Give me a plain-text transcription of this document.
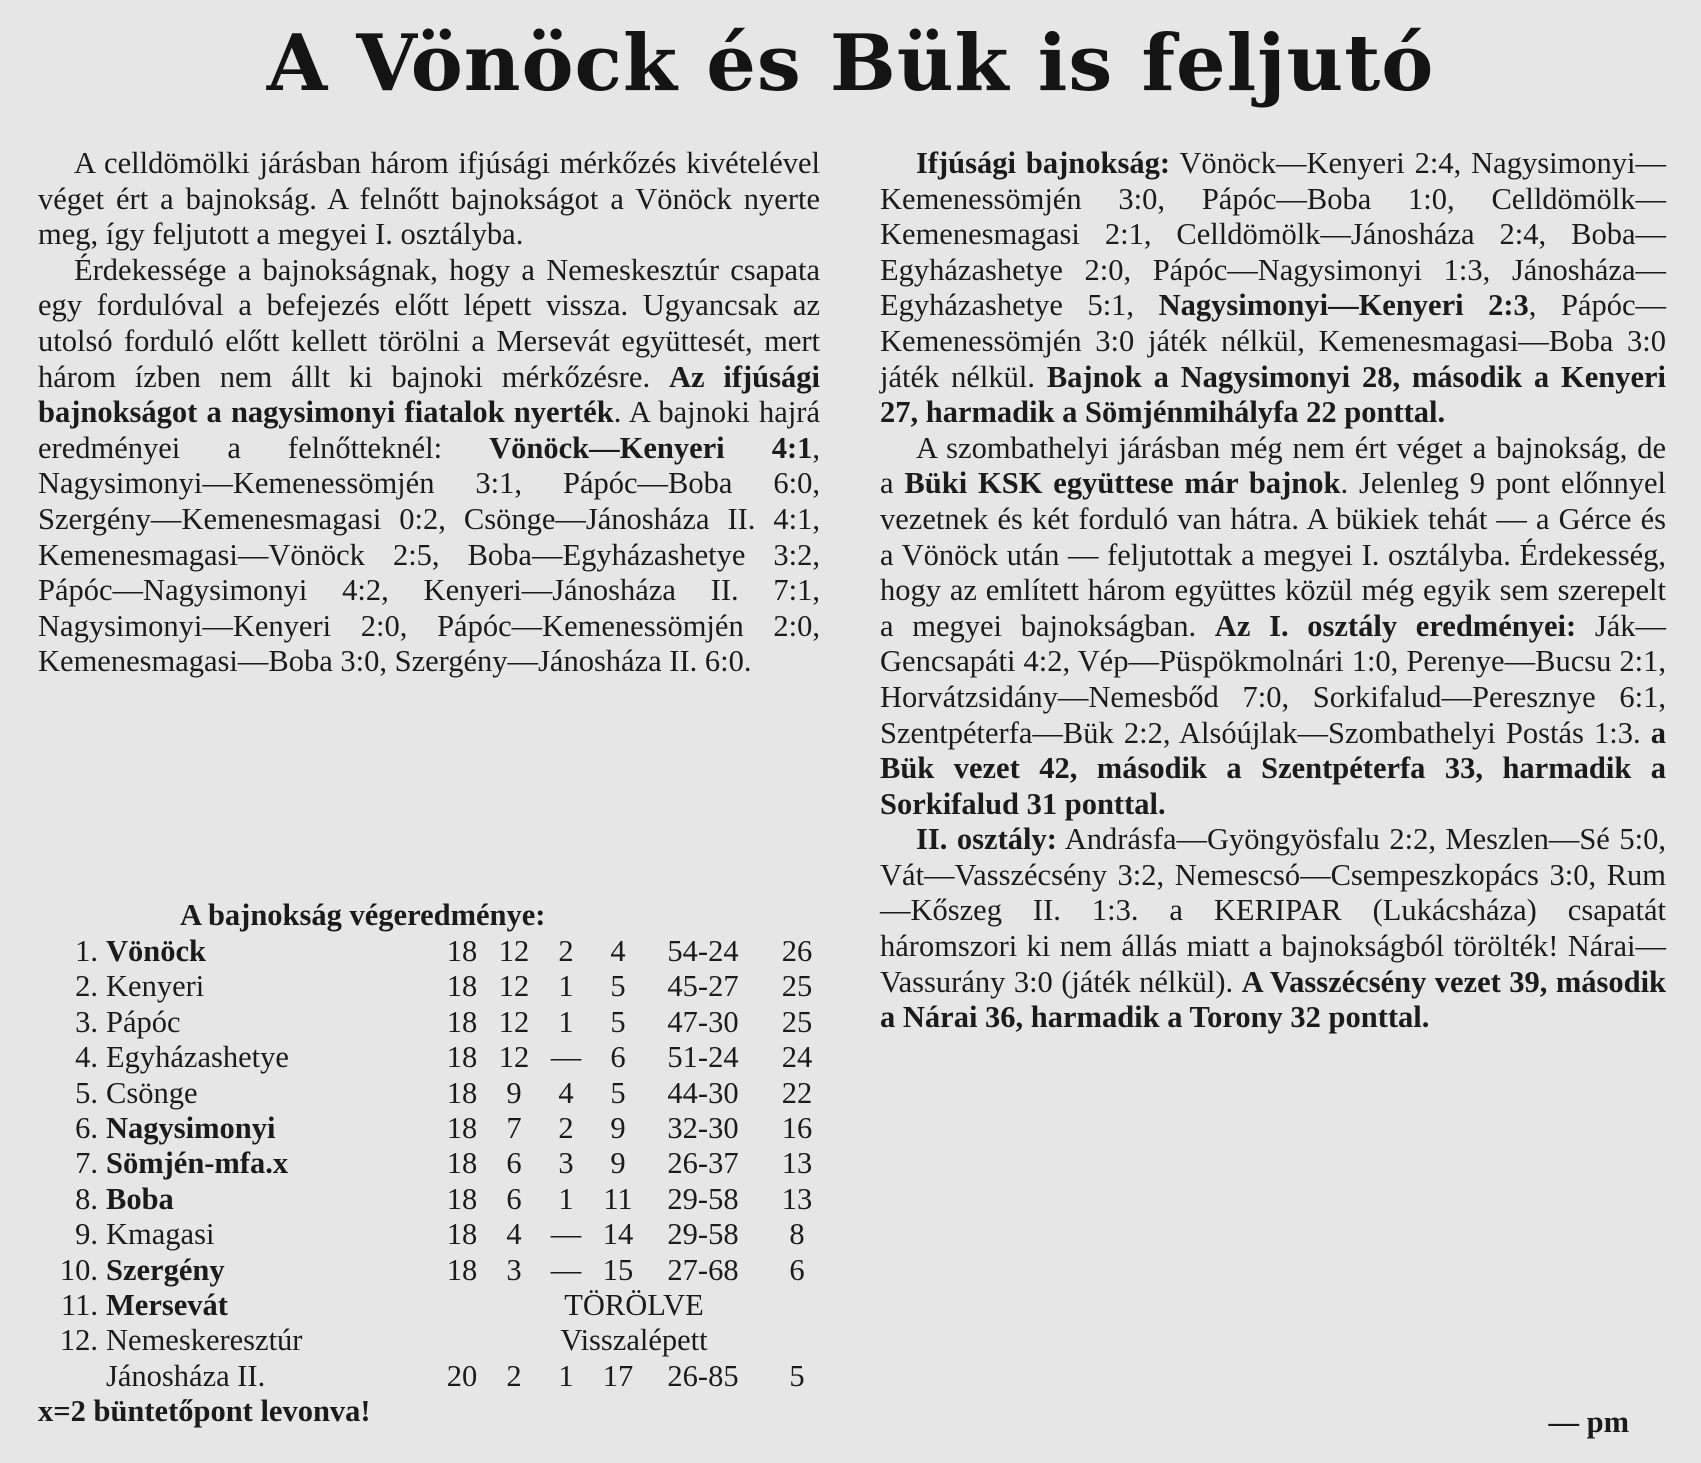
A Vönöck és Bük is feljutó

A celldömölki járásban három ifjúsági mérkőzés kivételével véget ért a bajnokság. A felnőtt bajnokságot a Vönöck nyerte meg, így feljutott a megyei I. osztályba.

Érdekessége a bajnokságnak, hogy a Nemeskesztúr csapata egy fordulóval a befejezés előtt lépett vissza. Ugyancsak az utolsó forduló előtt kellett törölni a Mersevát együttesét, mert három ízben nem állt ki bajnoki mérkőzésre. Az ifjúsági bajnokságot a nagysimonyi fiatalok nyerték. A bajnoki hajrá eredményei a felnőtteknél: Vönöck—Kenyeri 4:1, Nagysimonyi—Kemenessömjén 3:1, Pápóc—Boba 6:0, Szergény—Kemenesmagasi 0:2, Csönge—Jánosháza II. 4:1, Kemenesmagasi—Vönöck 2:5, Boba—Egyházashetye 3:2, Pápóc—Nagysimonyi 4:2, Kenyeri—Jánosháza II. 7:1, Nagysimonyi—Kenyeri 2:0, Pápóc—Kemenessömjén 2:0, Kemenesmagasi—Boba 3:0, Szergény—Jánosháza II. 6:0.

A bajnokság végeredménye:
1.	Vönöck	18	12	2	4	54-24	26
2.	Kenyeri	18	12	1	5	45-27	25
3.	Pápóc	18	12	1	5	47-30	25
4.	Egyházashetye	18	12	—	6	51-24	24
5.	Csönge	18	9	4	5	44-30	22
6.	Nagysimonyi	18	7	2	9	32-30	16
7.	Sömjén-mfa.x	18	6	3	9	26-37	13
8.	Boba	18	6	1	11	29-58	13
9.	Kmagasi	18	4	—	14	29-58	8
10.	Szergény	18	3	—	15	27-68	6
11.	Mersevát	TÖRÖLVE					
12.	Nemeskeresztúr	Visszalépett					
	Jánosháza II.	20	2	1	17	26-85	5
x=2 büntetőpont levonva!

Ifjúsági bajnokság: Vönöck—Kenyeri 2:4, Nagysimonyi—Kemenessömjén 3:0, Pápóc—Boba 1:0, Celldömölk—Kemenesmagasi 2:1, Celldömölk—Jánosháza 2:4, Boba—Egyházashetye 2:0, Pápóc—Nagysimonyi 1:3, Jánosháza—Egyházashetye 5:1, Nagysimonyi—Kenyeri 2:3, Pápóc—Kemenessömjén 3:0 játék nélkül, Kemenesmagasi—Boba 3:0 játék nélkül. Bajnok a Nagysimonyi 28, második a Kenyeri 27, harmadik a Sömjénmihályfa 22 ponttal.

A szombathelyi járásban még nem ért véget a bajnokság, de a Büki KSK együttese már bajnok. Jelenleg 9 pont előnnyel vezetnek és két forduló van hátra. A bükiek tehát — a Gérce és a Vönöck után — feljutottak a megyei I. osztályba. Érdekesség, hogy az említett három együttes közül még egyik sem szerepelt a megyei bajnokságban. Az I. osztály eredményei: Ják—Gencsapáti 4:2, Vép—Püspökmolnári 1:0, Perenye—Bucsu 2:1, Horvátzsidány—Nemesbőd 7:0, Sorkifalud—Peresznye 6:1, Szentpéterfa—Bük 2:2, Alsóújlak—Szombathelyi Postás 1:3. a Bük vezet 42, második a Szentpéterfa 33, harmadik a Sorkifalud 31 ponttal.

II. osztály: Andrásfa—Gyöngyösfalu 2:2, Meszlen—Sé 5:0, Vát—Vasszécsény 3:2, Nemescsó—Csempeszkopács 3:0, Rum—Kőszeg II. 1:3. a KERIPAR (Lukácsháza) csapatát háromszori ki nem állás miatt a bajnokságból törölték! Nárai—Vassurány 3:0 (játék nélkül). A Vasszécsény vezet 39, második a Nárai 36, harmadik a Torony 32 ponttal.

— pm
